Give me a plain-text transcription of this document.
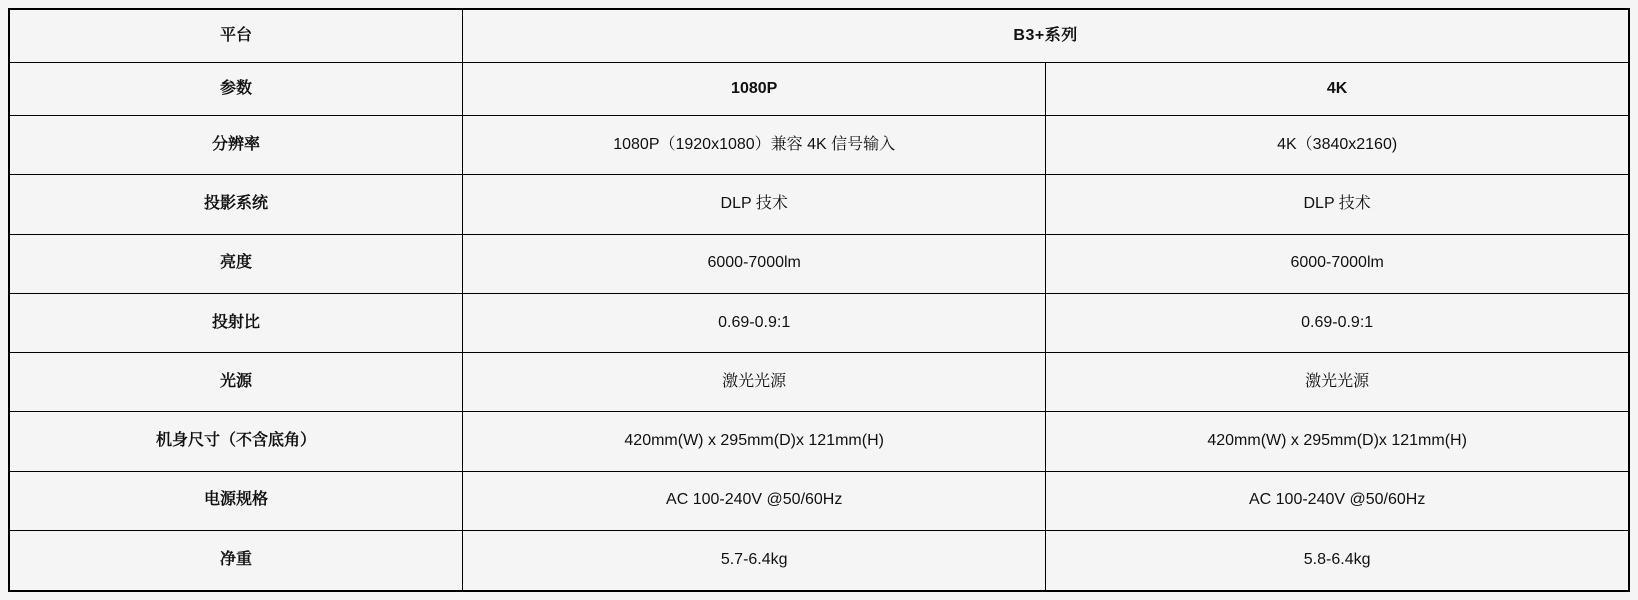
平台	B3+系列	
参数	1080P	4K
分辨率	1080P（1920x1080）兼容 4K 信号输入	4K（3840x2160)
投影系统	DLP 技术	DLP 技术
亮度	6000-7000lm	6000-7000lm
投射比	0.69-0.9:1	0.69-0.9:1
光源	激光光源	激光光源
机身尺寸（不含底角）	420mm(W) x 295mm(D)x 121mm(H)	420mm(W) x 295mm(D)x 121mm(H)
电源规格	AC 100-240V @50/60Hz	AC 100-240V @50/60Hz
净重	5.7-6.4kg	5.8-6.4kg
